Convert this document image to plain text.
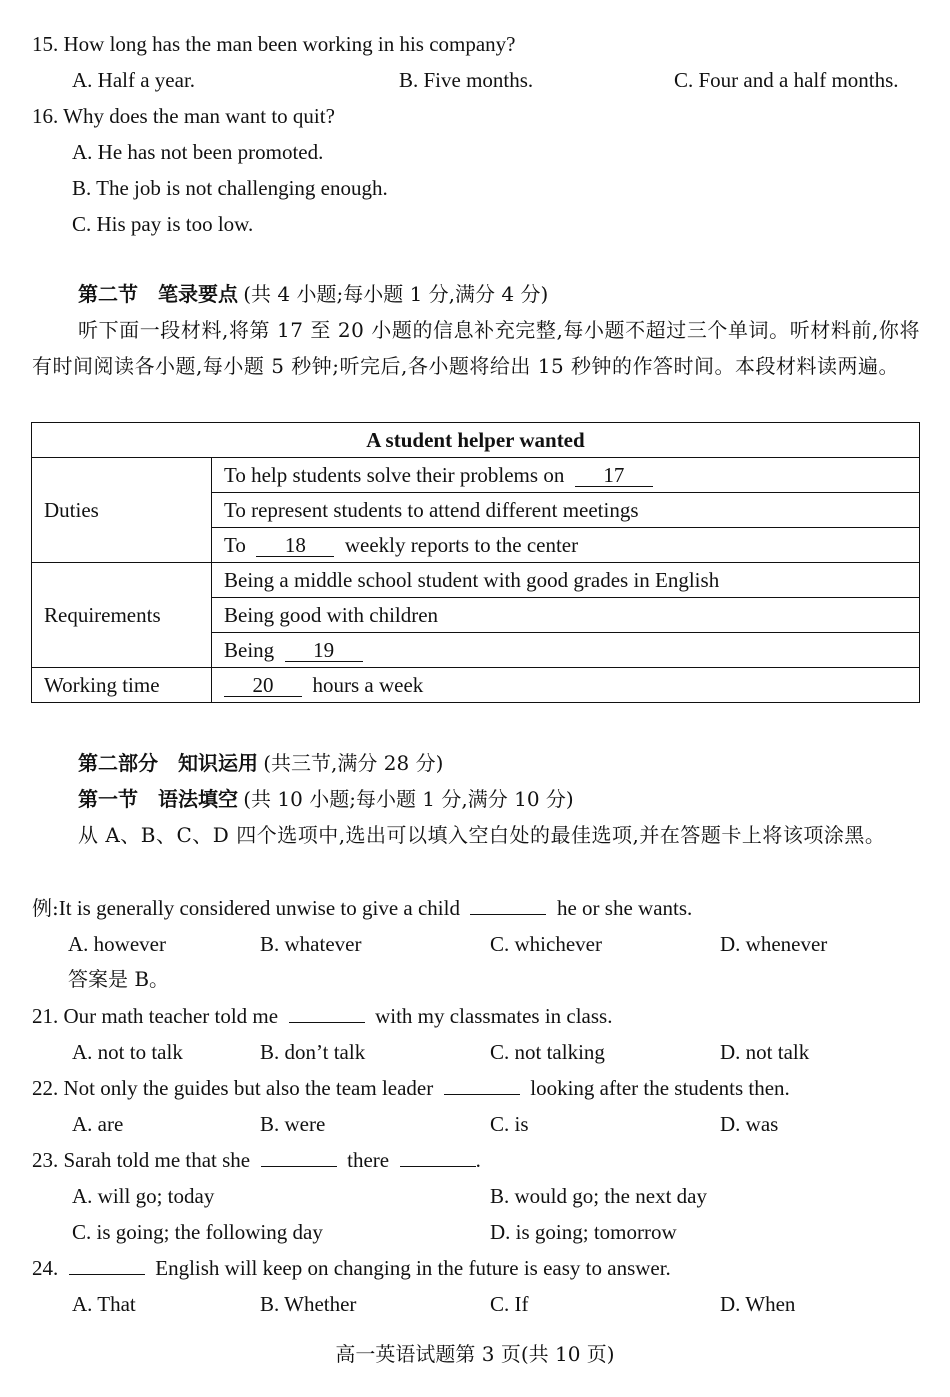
15. How long has the man been working in his company?
A. Half a year.	B. Five months.	C. Four and a half months.
16. Why does the man want to quit?
A. He has not been promoted.
B. The job is not challenging enough.
C. His pay is too low.
第二节　笔录要点 (共 4 小题;每小题 1 分,满分 4 分)
听下面一段材料,将第 17 至 20 小题的信息补充完整,每小题不超过三个单词。听材料前,你将有时间阅读各小题,每小题 5 秒钟;听完后,各小题将给出 15 秒钟的作答时间。本段材料读两遍。
A student helper wanted	
Duties	To help students solve their problems on 17
	To represent students to attend different meetings
	To 18 weekly reports to the center
Requirements	Being a middle school student with good grades in English
	Being good with children
	Being 19
Working time	20 hours a week
第二部分　知识运用 (共三节,满分 28 分)
第一节　语法填空 (共 10 小题;每小题 1 分,满分 10 分)
从 A、B、C、D 四个选项中,选出可以填入空白处的最佳选项,并在答题卡上将该项涂黑。
例:It is generally considered unwise to give a child	he or she wants.
A. however	B. whatever	C. whichever	D. whenever
答案是 B。
21. Our math teacher told me	with my classmates in class.
A. not to talk	B. don’t talk	C. not talking	D. not talk
22. Not only the guides but also the team leader	looking after the students then.
A. are	B. were	C. is	D. was
23. Sarah told me that she	there	.
A. will go; today	B. would go; the next day
C. is going; the following day	D. is going; tomorrow
24.	English will keep on changing in the future is easy to answer.
A. That	B. Whether	C. If	D. When
高一英语试题第 3 页(共 10 页)
